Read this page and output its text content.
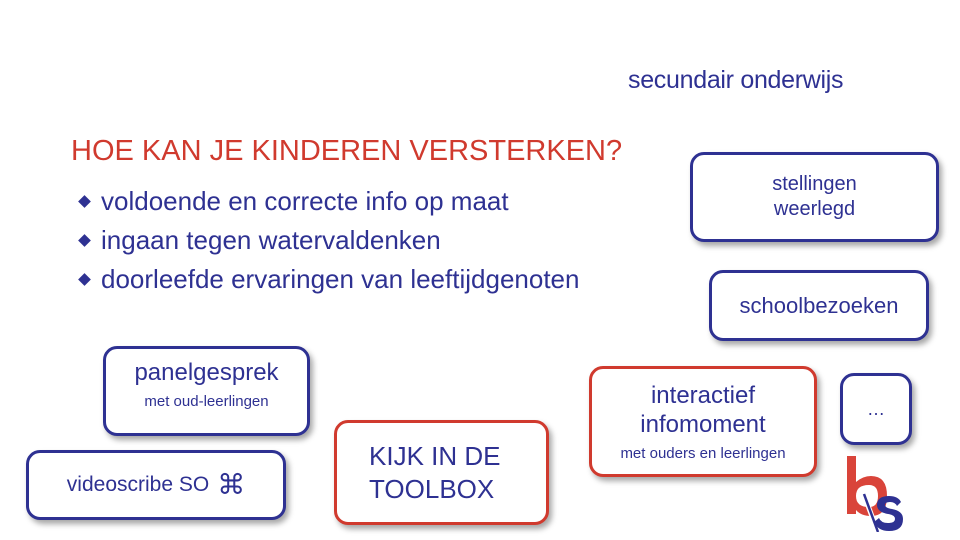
secundair onderwijs
HOE KAN JE KINDEREN VERSTERKEN?
voldoende en correcte info op maat
ingaan tegen watervaldenken
doorleefde ervaringen van leeftijdgenoten
stellingen
weerlegd
schoolbezoeken
interactief
infomoment
met ouders en leerlingen
…
panelgesprek
met oud-leerlingen
videoscribe SO ⌘
KIJK IN DE
TOOLBOX
